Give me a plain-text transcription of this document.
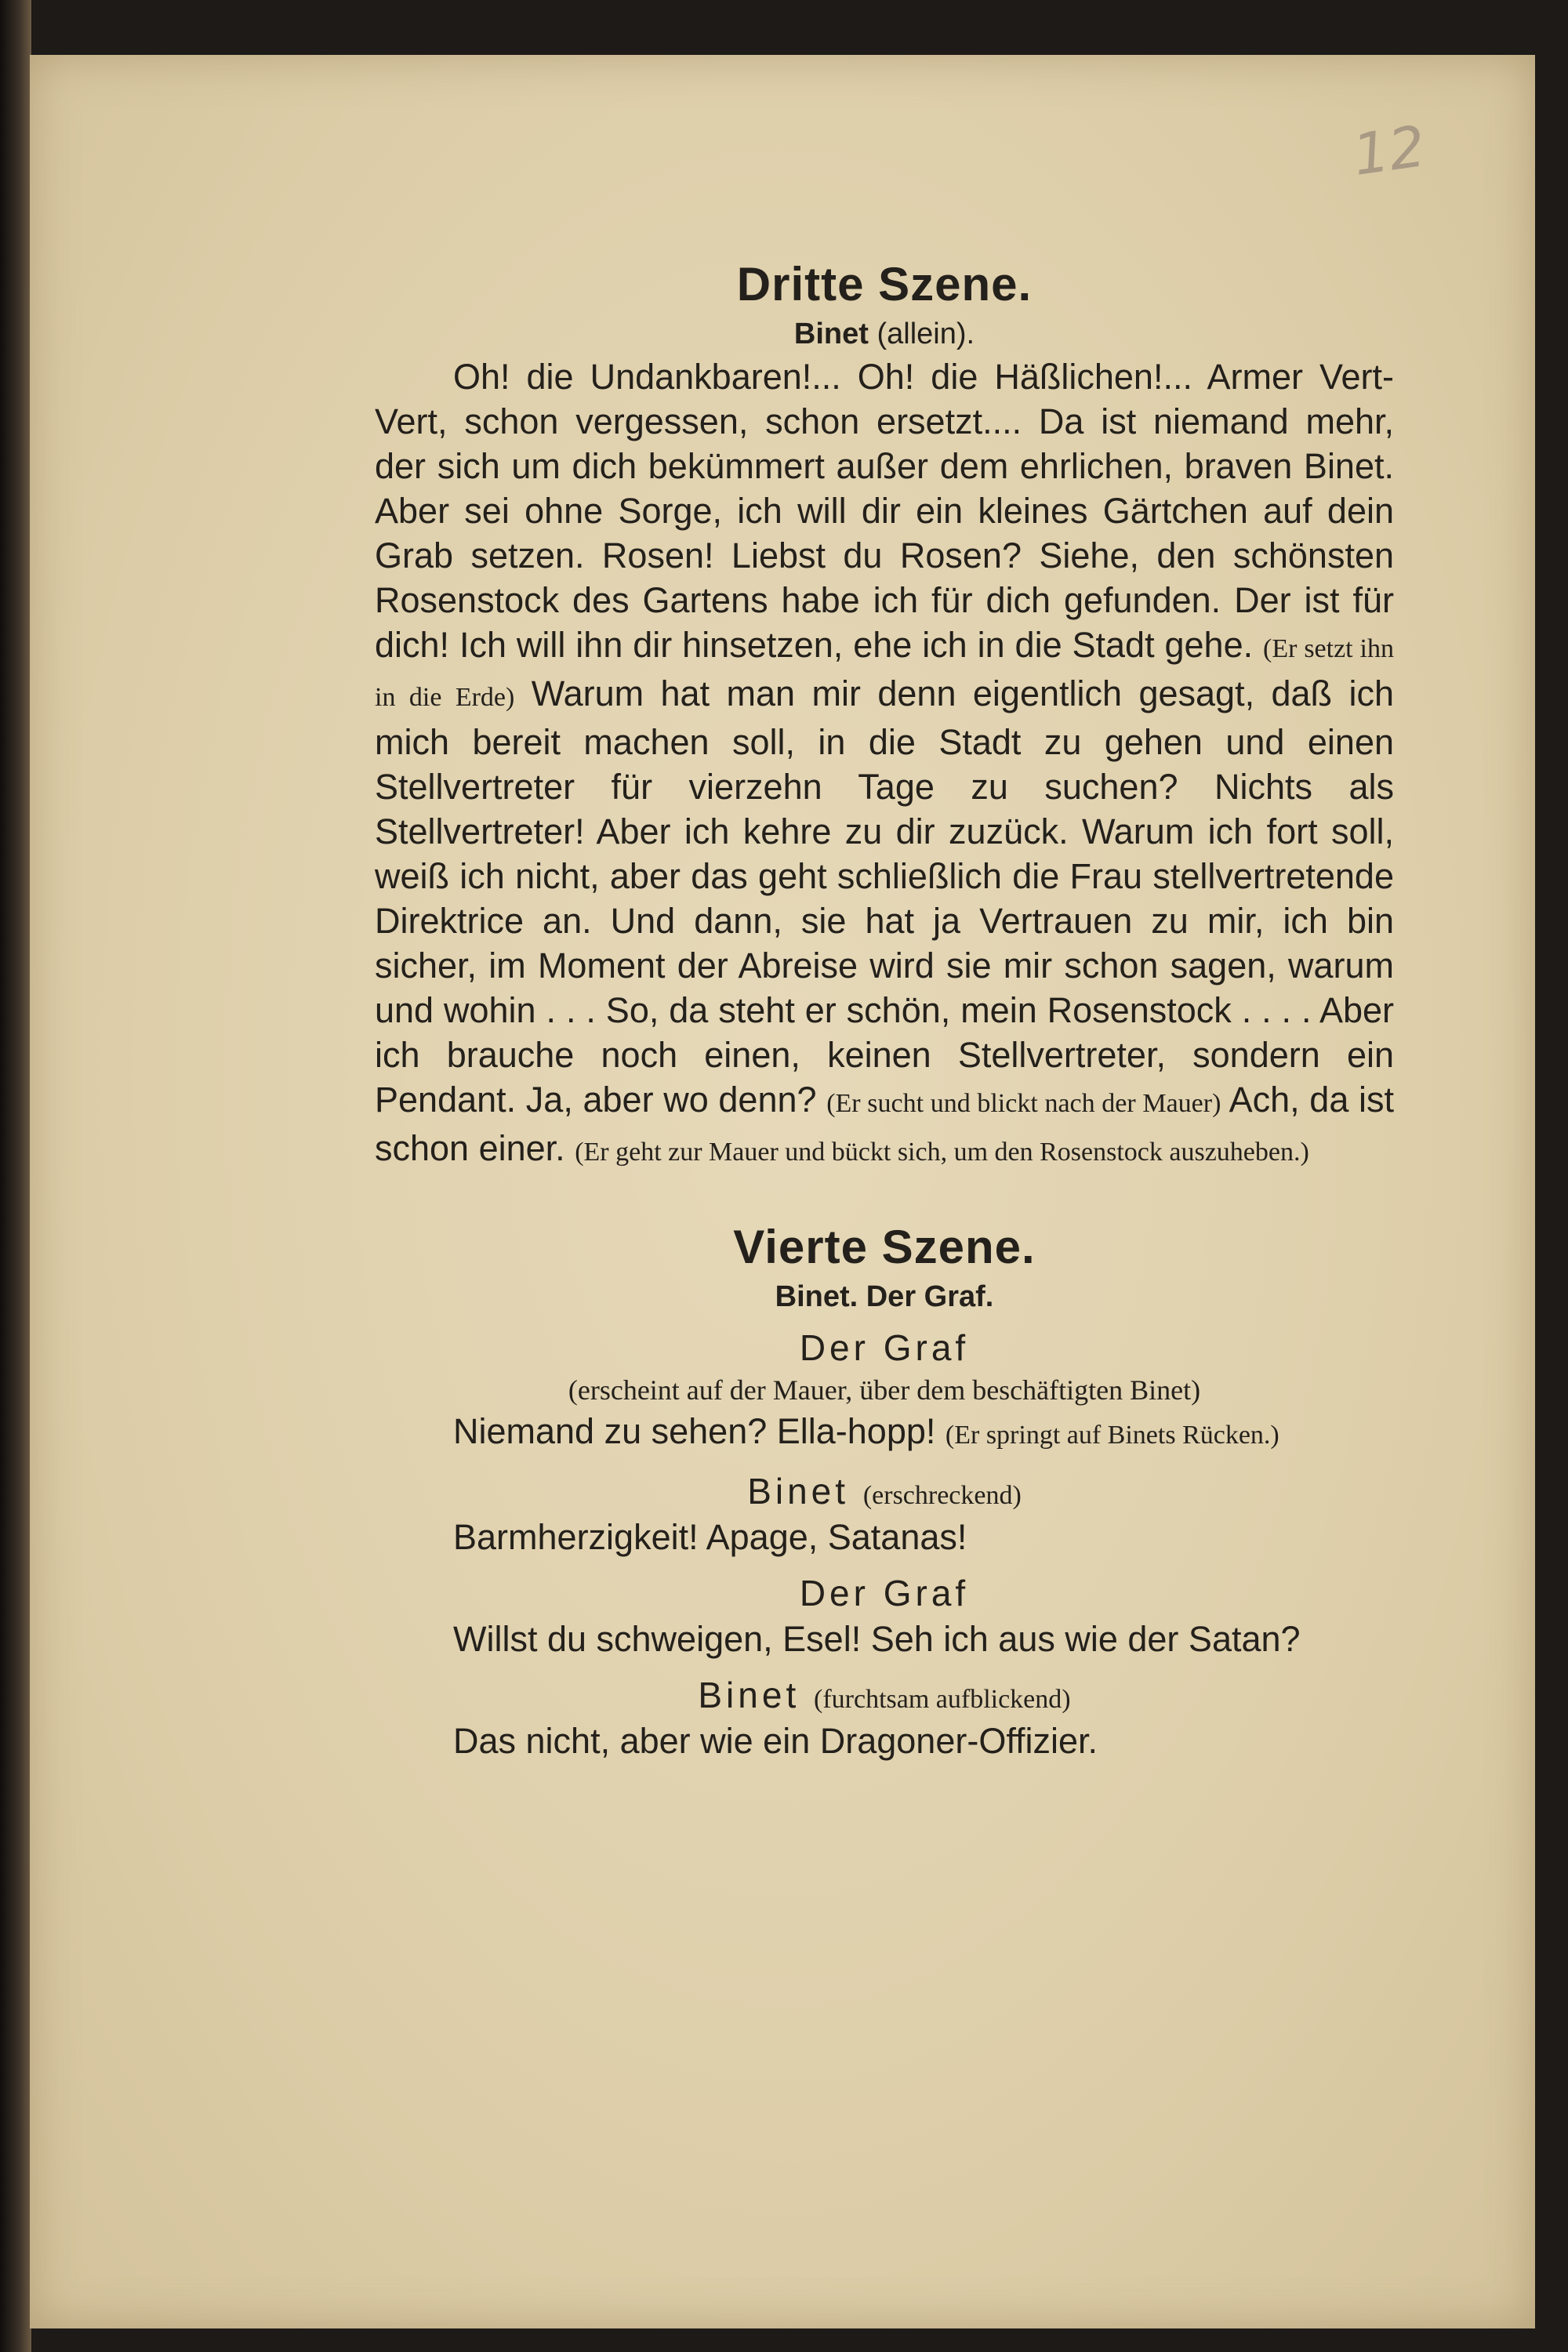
12
Dritte Szene.
Binet (allein).

Oh! die Undankbaren!... Oh! die Häßlichen!... Armer Vert-Vert, schon vergessen, schon ersetzt.... Da ist niemand mehr, der sich um dich bekümmert außer dem ehrlichen, braven Binet. Aber sei ohne Sorge, ich will dir ein kleines Gärtchen auf dein Grab setzen. Rosen! Liebst du Rosen? Siehe, den schönsten Rosenstock des Gartens habe ich für dich gefunden. Der ist für dich! Ich will ihn dir hinsetzen, ehe ich in die Stadt gehe. (Er setzt ihn in die Erde) Warum hat man mir denn eigentlich gesagt, daß ich mich bereit machen soll, in die Stadt zu gehen und einen Stellvertreter für vierzehn Tage zu suchen? Nichts als Stellvertreter! Aber ich kehre zu dir zuzück. Warum ich fort soll, weiß ich nicht, aber das geht schließlich die Frau stellvertretende Direktrice an. Und dann, sie hat ja Vertrauen zu mir, ich bin sicher, im Moment der Abreise wird sie mir schon sagen, warum und wohin . . . So, da steht er schön, mein Rosenstock . . . . Aber ich brauche noch einen, keinen Stellvertreter, sondern ein Pendant. Ja, aber wo denn? (Er sucht und blickt nach der Mauer) Ach, da ist schon einer. (Er geht zur Mauer und bückt sich, um den Rosenstock auszuheben.)

Vierte Szene.
Binet. Der Graf.
Der Graf
(erscheint auf der Mauer, über dem beschäftigten Binet)

Niemand zu sehen? Ella-hopp! (Er springt auf Binets Rücken.)

Binet (erschreckend)

Barmherzigkeit! Apage, Satanas!

Der Graf

Willst du schweigen, Esel! Seh ich aus wie der Satan?

Binet (furchtsam aufblickend)

Das nicht, aber wie ein Dragoner-Offizier.
